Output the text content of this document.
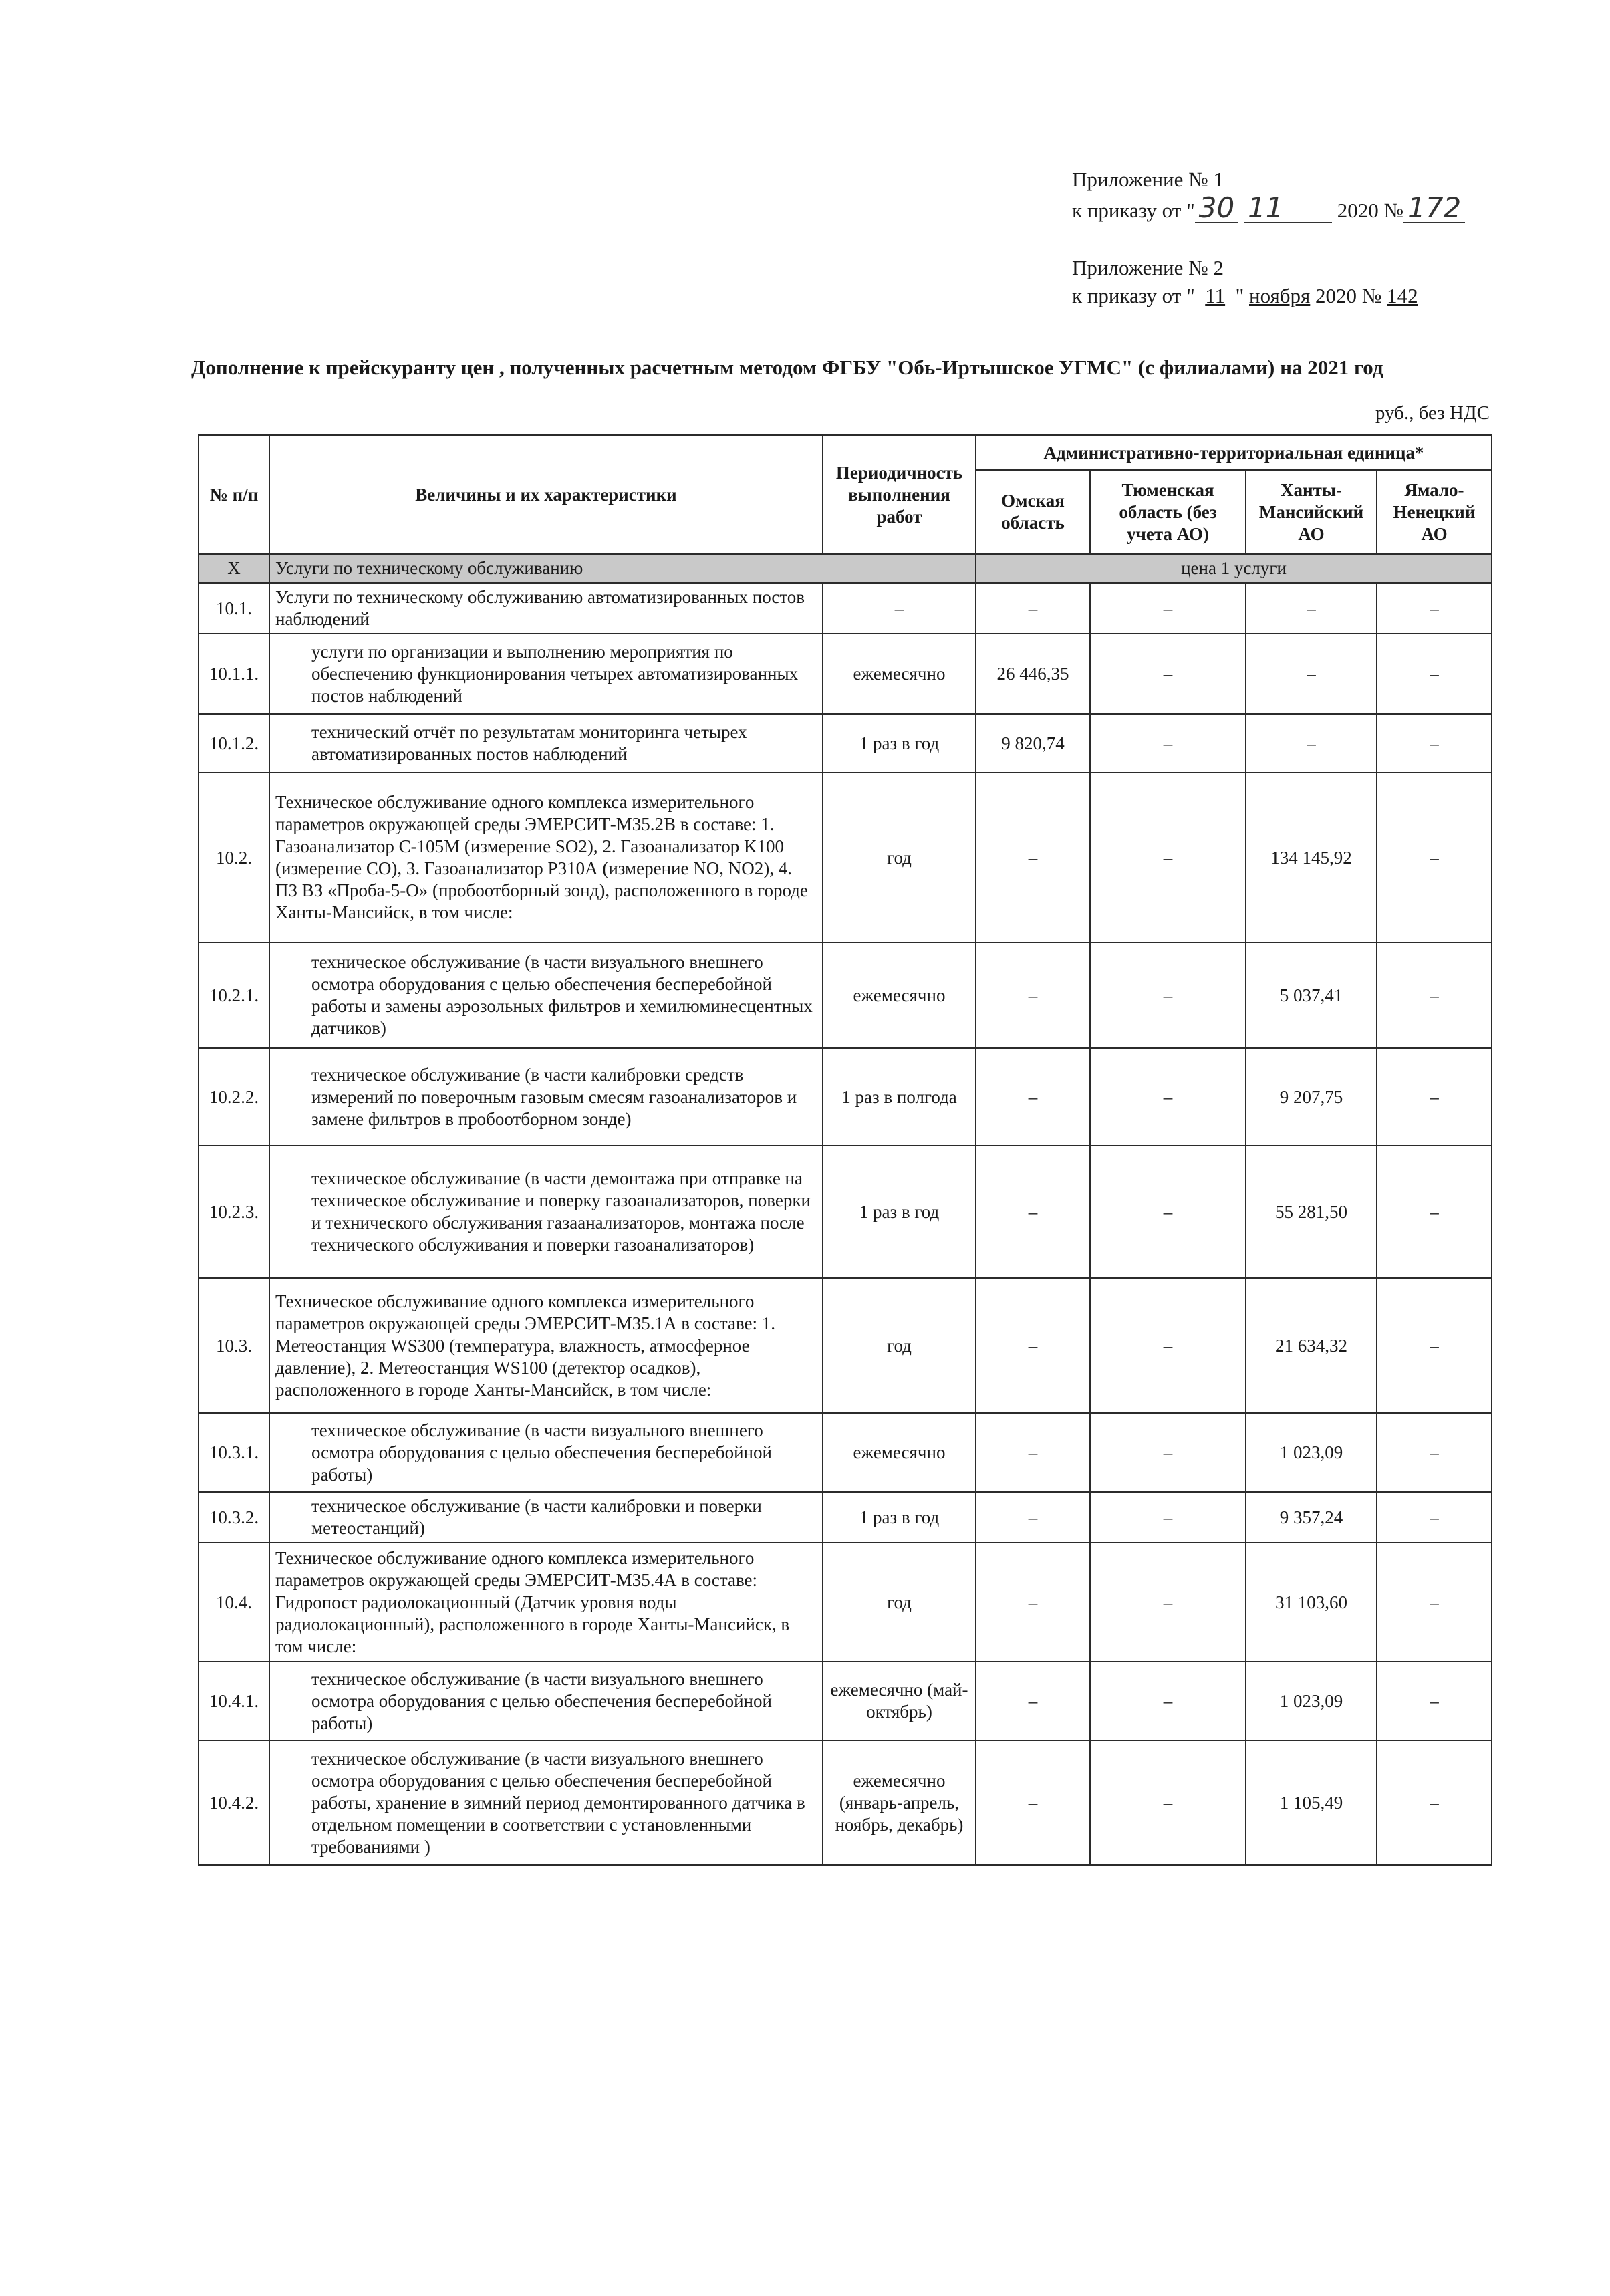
Приложение № 1
к приказу от " 30 11	2020 № 172
Приложение № 2
к приказу от " 11 " ноября 2020 № 142
Дополнение к прейскуранту цен , полученных расчетным методом ФГБУ "Обь-Иртышское УГМС" (с филиалами) на 2021 год
руб., без НДС
№ п/п	Величины и их характеристики	Периодичность выполнения работ	Административно-территориальная единица*			
			Омская область	Тюменская область (без учета АО)	Ханты-Мансийский АО	Ямало-Ненецкий АО
X	Услуги по техническому обслуживанию		цена 1 услуги			
10.1.	Услуги по техническому обслуживанию автоматизированных постов наблюдений	–	–	–	–	–
10.1.1.	услуги по организации и выполнению мероприятия по обеспечению функционирования четырех автоматизированных постов наблюдений	ежемесячно	26 446,35	–	–	–
10.1.2.	технический отчёт по результатам мониторинга четырех автоматизированных постов наблюдений	1 раз в год	9 820,74	–	–	–
10.2.	Техническое обслуживание одного комплекса измерительного параметров окружающей среды ЭМЕРСИТ-М35.2В в составе: 1. Газоанализатор С-105М (измерение SO2), 2. Газоанализатор K100 (измерение CO), 3. Газоанализатор Р310А (измерение NO, NO2), 4. ПЗ ВЗ «Проба-5-О» (пробоотборный зонд), расположенного в городе Ханты-Мансийск, в том числе:	год	–	–	134 145,92	–
10.2.1.	техническое обслуживание (в части визуального внешнего осмотра оборудования с целью обеспечения бесперебойной работы и замены аэрозольных фильтров и хемилюминесцентных датчиков)	ежемесячно	–	–	5 037,41	–
10.2.2.	техническое обслуживание (в части калибровки средств измерений по поверочным газовым смесям газоанализаторов и замене фильтров в пробоотборном зонде)	1 раз в полгода	–	–	9 207,75	–
10.2.3.	техническое обслуживание (в части демонтажа при отправке на техническое обслуживание и поверку газоанализаторов, поверки и технического обслуживания газаанализаторов, монтажа после технического обслуживания и поверки газоанализаторов)	1 раз в год	–	–	55 281,50	–
10.3.	Техническое обслуживание одного комплекса измерительного параметров окружающей среды ЭМЕРСИТ-М35.1А в составе: 1. Метеостанция WS300 (температура, влажность, атмосферное давление), 2. Метеостанция WS100 (детектор осадков), расположенного в городе Ханты-Мансийск, в том числе:	год	–	–	21 634,32	–
10.3.1.	техническое обслуживание (в части визуального внешнего осмотра оборудования с целью обеспечения бесперебойной работы)	ежемесячно	–	–	1 023,09	–
10.3.2.	техническое обслуживание (в части калибровки и поверки метеостанций)	1 раз в год	–	–	9 357,24	–
10.4.	Техническое обслуживание одного комплекса измерительного параметров окружающей среды ЭМЕРСИТ-М35.4А в составе: Гидропост радиолокационный (Датчик уровня воды радиолокационный), расположенного в городе Ханты-Мансийск, в том числе:	год	–	–	31 103,60	–
10.4.1.	техническое обслуживание (в части визуального внешнего осмотра оборудования с целью обеспечения бесперебойной работы)	ежемесячно (май-октябрь)	–	–	1 023,09	–
10.4.2.	техническое обслуживание (в части визуального внешнего осмотра оборудования с целью обеспечения бесперебойной работы, хранение в зимний период демонтированного датчика в отдельном помещении в соответствии с установленными требованиями )	ежемесячно (январь-апрель, ноябрь, декабрь)	–	–	1 105,49	–
